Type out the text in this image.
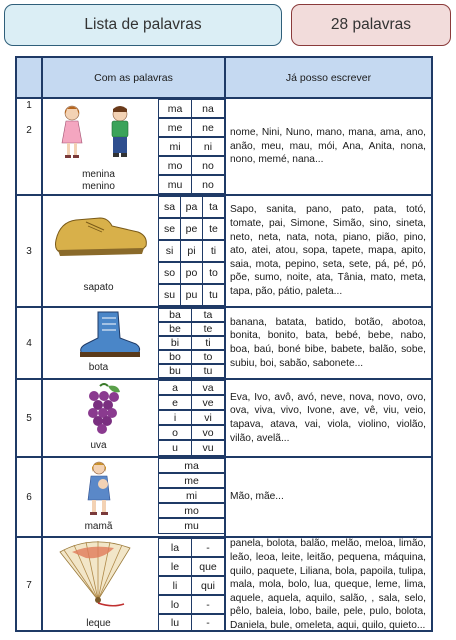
Lista de palavras	28 palavras
Com as palavras	Já posso escrever
1
2
menina
menino
ma	na
me	ne
mi	ni
mo	no
mu	no

nome, Nini, Nuno, mano, mana, ama, ano, anão, meu, mau, mói, Ana, Anita, nona, nono, memé, nana...

3
sapato
sa	pa	ta
se	pe	te
si	pi	ti
so	po	to
su	pu	tu

Sapo, sanita, pano, pato, pata, totó, tomate, pai, Simone, Simão, sino, sineta, neto, neta, nata, nota, piano, pião, pino, ato, atei, atou, sopa, tapete, mapa, apito, saia, mota, pepino, seta, sete, pá, pé, pó, põe, sumo, noite, ata, Tânia, mato, meta, tapa, pão, pátio, paleta...

4
bota
ba	ta
be	te
bi	ti
bo	to
bu	tu

banana, batata, batido, botão, abotoa, bonita, bonito, bata, bebé, bebe, nabo, boa, baú, boné bibe, babete, balão, sobe, subiu, boi, sabão, sabonete...

5
uva
a	va
e	ve
i	vi
o	vo
u	vu

Eva, Ivo, avô, avó, neve, nova, novo, ovo, ova, viva, vivo, Ivone, ave, vê, viu, veio, tapava, atava, vai, viola, violino, violão, vilão, avelã...

6
mamã
ma
me
mi
mo
mu

Mão, mãe...

7
leque
la	-
le	que
li	qui
lo	-
lu	-

panela, bolota, balão, melão, meloa, limão, leão, leoa, leite, leitão, pequena, máquina, quilo, paquete, Liliana, bola, papoila, tulipa, mala, mola, bolo, lua, queque, leme, lima, aquele, aquela, aquilo, salão, , sala, selo, pêlo, baleia, lobo, baile, pele, pulo, bolota, Daniela, bule, omeleta, aqui, quilo, quieto...
